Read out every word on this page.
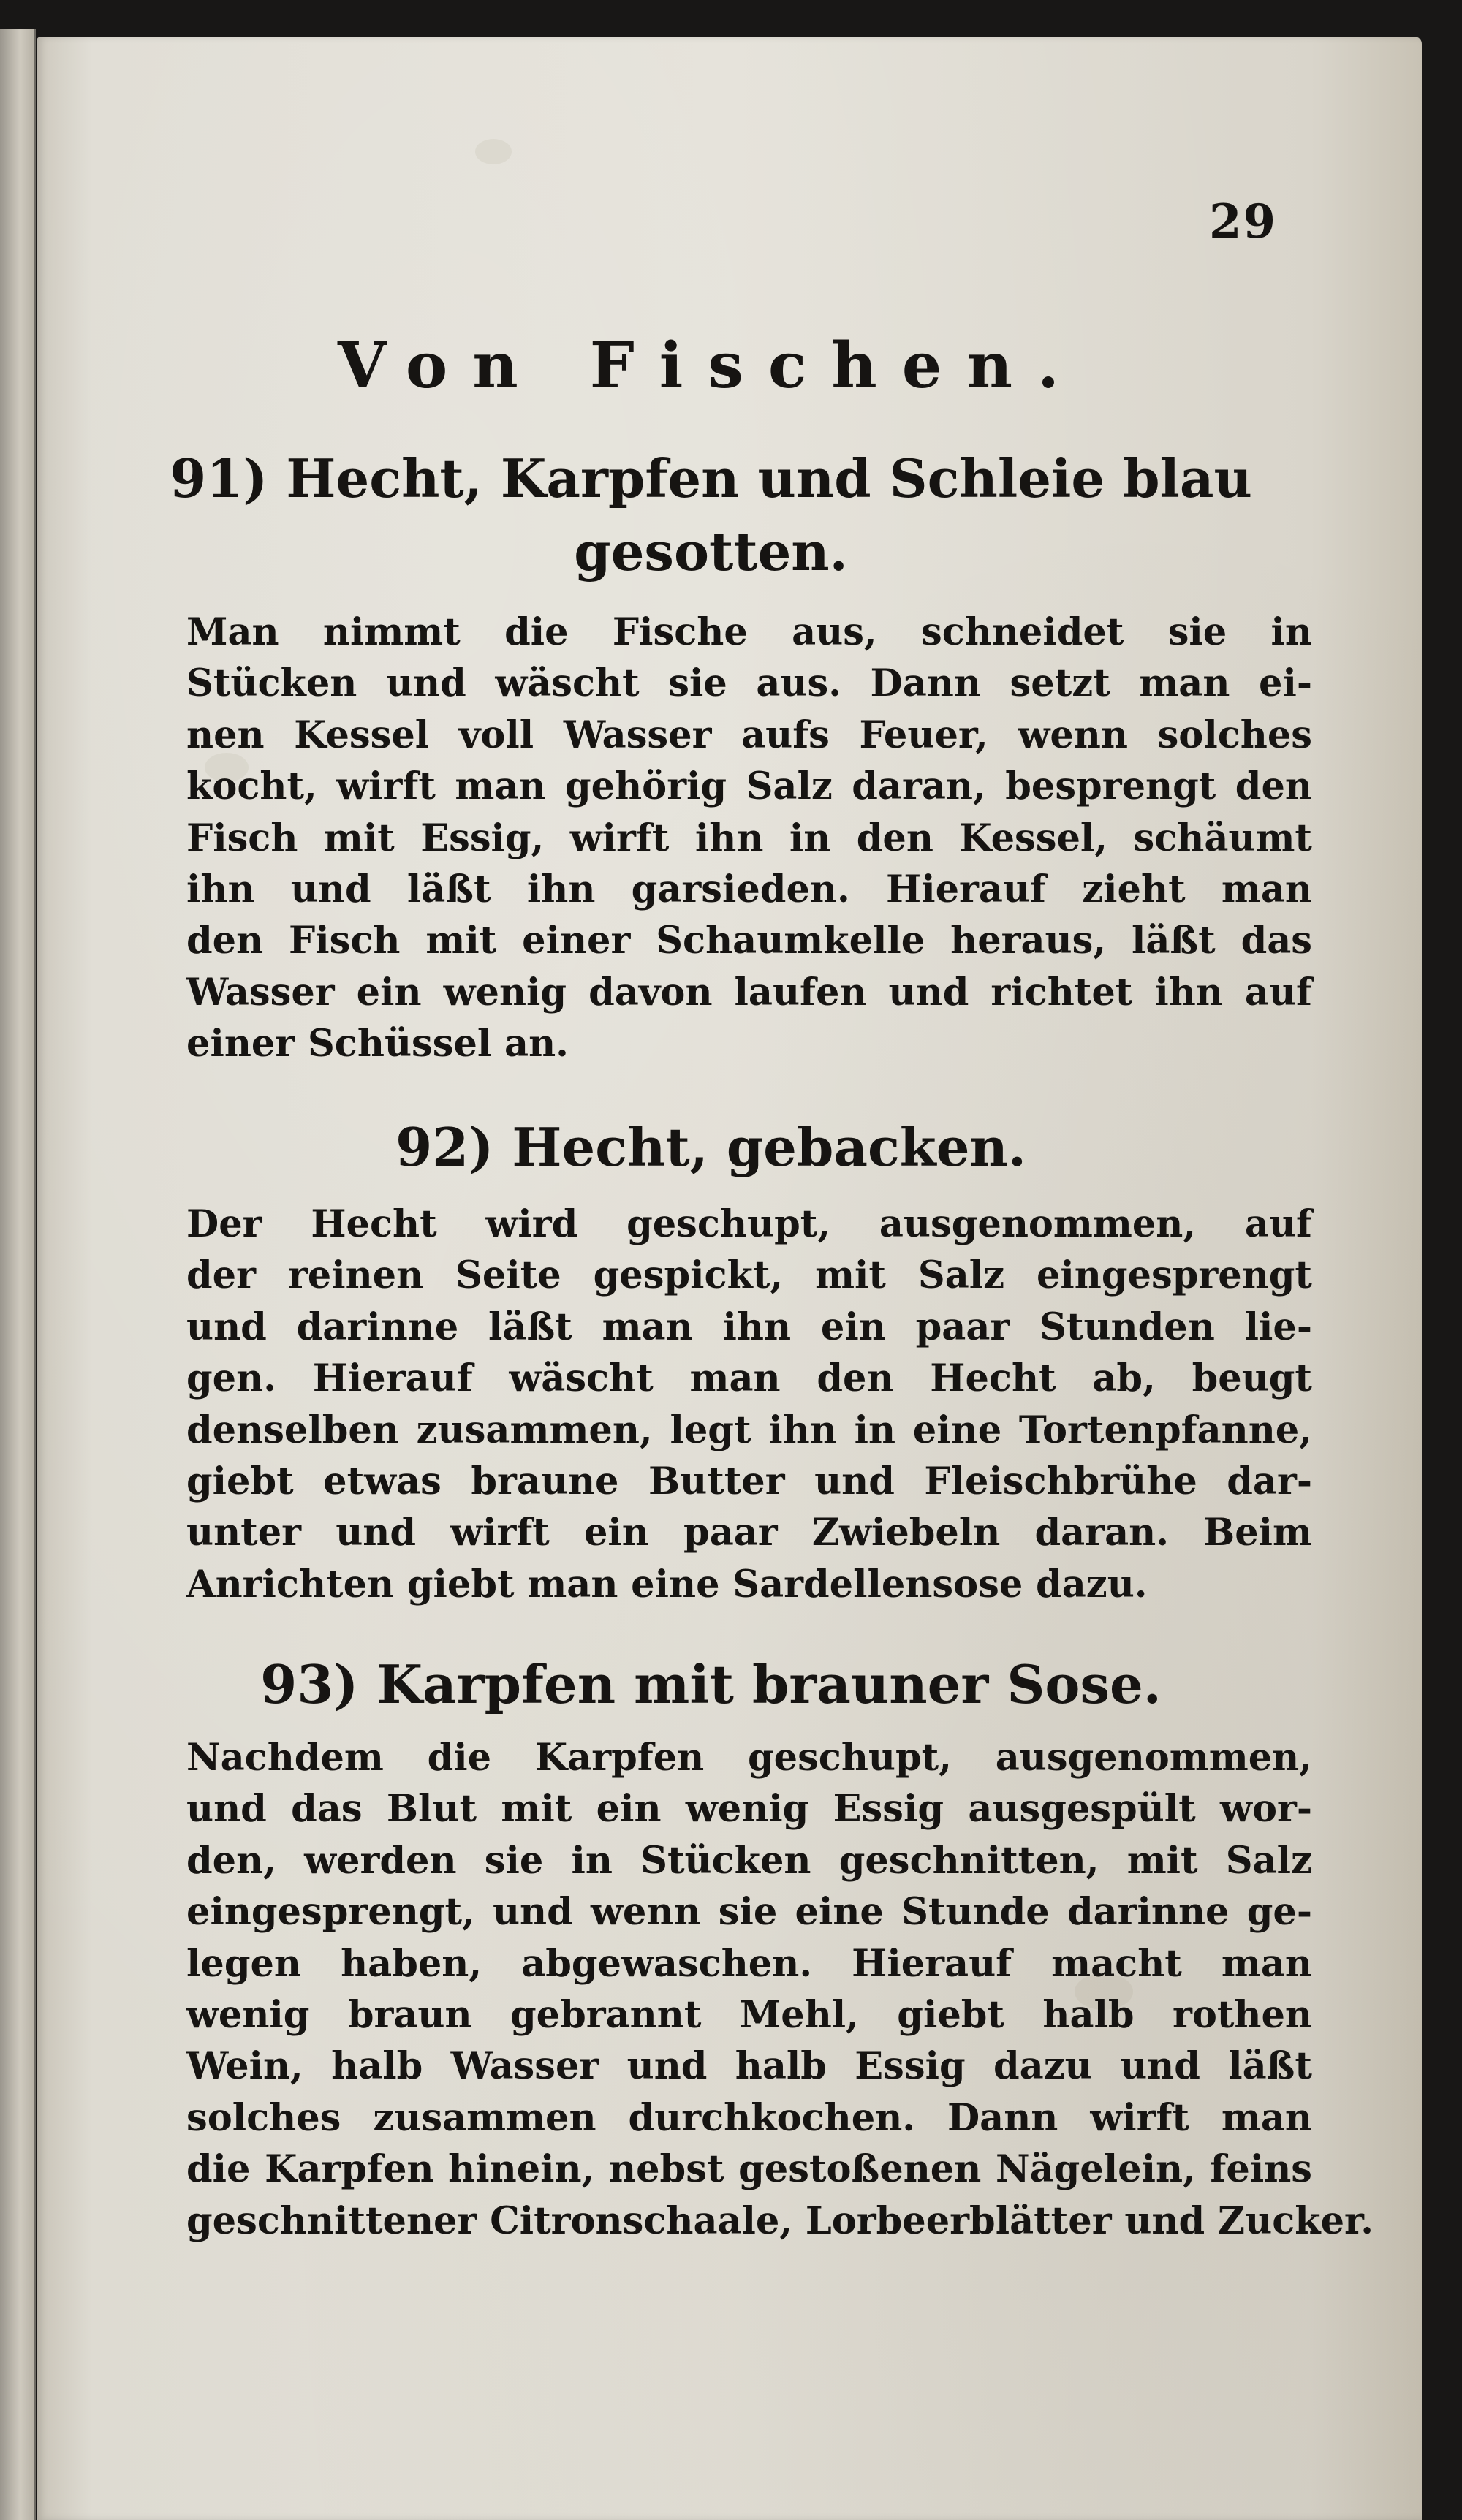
29
Von Fischen.
91) Hecht, Karpfen und Schleie blau
gesotten.
Man nimmt die Fische aus, schneidet sie in
Stücken und wäscht sie aus. Dann setzt man ei-
nen Kessel voll Wasser aufs Feuer, wenn solches
kocht, wirft man gehörig Salz daran, besprengt den
Fisch mit Essig, wirft ihn in den Kessel, schäumt
ihn und läßt ihn garsieden. Hierauf zieht man
den Fisch mit einer Schaumkelle heraus, läßt das
Wasser ein wenig davon laufen und richtet ihn auf
einer Schüssel an.
92) Hecht, gebacken.
Der Hecht wird geschupt, ausgenommen, auf
der reinen Seite gespickt, mit Salz eingesprengt
und darinne läßt man ihn ein paar Stunden lie-
gen. Hierauf wäscht man den Hecht ab, beugt
denselben zusammen, legt ihn in eine Tortenpfanne,
giebt etwas braune Butter und Fleischbrühe dar-
unter und wirft ein paar Zwiebeln daran. Beim
Anrichten giebt man eine Sardellensose dazu.
93) Karpfen mit brauner Sose.
Nachdem die Karpfen geschupt, ausgenommen,
und das Blut mit ein wenig Essig ausgespült wor-
den, werden sie in Stücken geschnitten, mit Salz
eingesprengt, und wenn sie eine Stunde darinne ge-
legen haben, abgewaschen. Hierauf macht man
wenig braun gebrannt Mehl, giebt halb rothen
Wein, halb Wasser und halb Essig dazu und läßt
solches zusammen durchkochen. Dann wirft man
die Karpfen hinein, nebst gestoßenen Nägelein, feins
geschnittener Citronschaale, Lorbeerblätter und Zucker.
